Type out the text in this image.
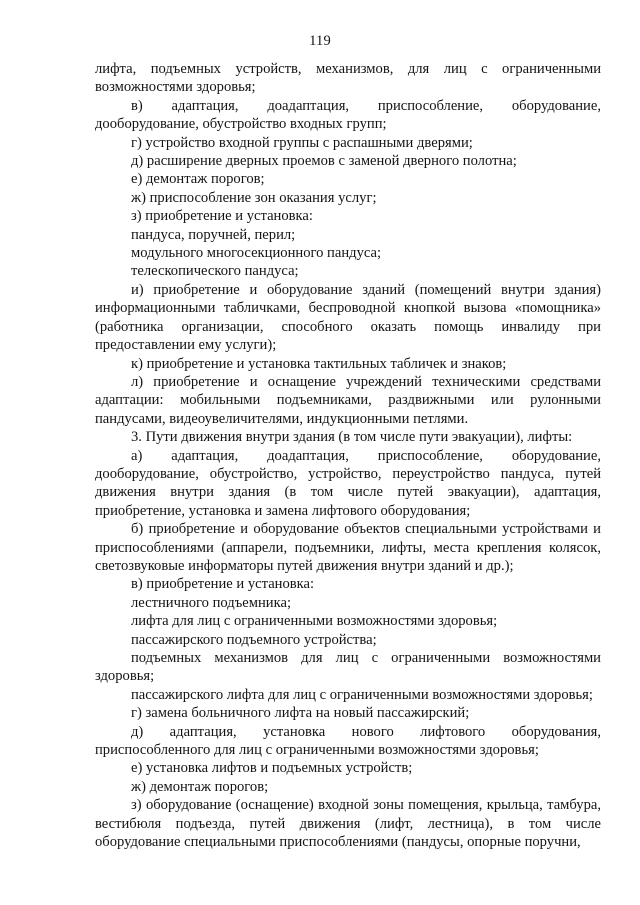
119

лифта, подъемных устройств, механизмов, для лиц с ограниченными возможностями здоровья;

в) адаптация, доадаптация, приспособление, оборудование, дооборудование, обустройство входных групп;

г) устройство входной группы с распашными дверями;

д) расширение дверных проемов с заменой дверного полотна;

е) демонтаж порогов;

ж) приспособление зон оказания услуг;

з) приобретение и установка:

пандуса, поручней, перил;

модульного многосекционного пандуса;

телескопического пандуса;

и) приобретение и оборудование зданий (помещений внутри здания) информационными табличками, беспроводной кнопкой вызова «помощника» (работника организации, способного оказать помощь инвалиду при предоставлении ему услуги);

к) приобретение и установка тактильных табличек и знаков;

л) приобретение и оснащение учреждений техническими средствами адаптации: мобильными подъемниками, раздвижными или рулонными пандусами, видеоувеличителями, индукционными петлями.

3. Пути движения внутри здания (в том числе пути эвакуации), лифты:

а) адаптация, доадаптация, приспособление, оборудование, дооборудование, обустройство, устройство, переустройство пандуса, путей движения внутри здания (в том числе путей эвакуации), адаптация, приобретение, установка и замена лифтового оборудования;

б) приобретение и оборудование объектов специальными устройствами и приспособлениями (аппарели, подъемники, лифты, места крепления колясок, светозвуковые информаторы путей движения внутри зданий и др.);

в) приобретение и установка:

лестничного подъемника;

лифта для лиц с ограниченными возможностями здоровья;

пассажирского подъемного устройства;

подъемных механизмов для лиц с ограниченными возможностями здоровья;

пассажирского лифта для лиц с ограниченными возможностями здоровья;

г) замена больничного лифта на новый пассажирский;

д) адаптация, установка нового лифтового оборудования, приспособленного для лиц с ограниченными возможностями здоровья;

е) установка лифтов и подъемных устройств;

ж) демонтаж порогов;

з) оборудование (оснащение) входной зоны помещения, крыльца, тамбура, вестибюля подъезда, путей движения (лифт, лестница), в том числе оборудование специальными приспособлениями (пандусы, опорные поручни,
